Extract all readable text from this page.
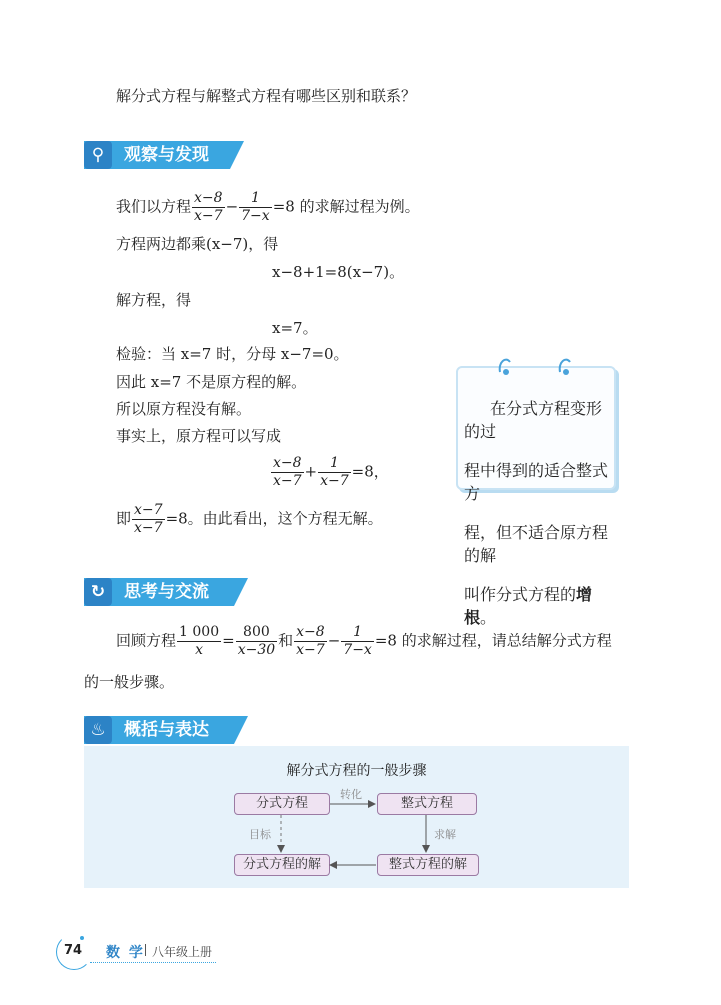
解分式方程与解整式方程有哪些区别和联系？
⚲	观察与发现
我们以方程 $\frac{x-8}{x-7} - \frac{1}{7-x} =8$ 的求解过程为例。
方程两边都乘(x−7)，得
x−8+1=8(x−7)。
解方程，得
x=7。
检验：当 x=7 时，分母 x−7=0。
因此 x=7 不是原方程的解。
所以原方程没有解。
事实上，原方程可以写成
$\frac{x-8}{x-7} + \frac{1}{x-7} =8$，
即 $\frac{x-7}{x-7} =8$。由此看出，这个方程无解。

在分式方程变形的过

程中得到的适合整式方

程，但不适合原方程的解

叫作分式方程的增根。

↻	思考与交流
回顾方程 $\frac{1 000}{x} = \frac{800}{x-30}$ 和 $\frac{x-8}{x-7} - \frac{1}{7-x} =8$ 的求解过程，请总结解分式方程
的一般步骤。
♨	概括与表达
解分式方程的一般步骤
分式方程	整式方程
整式方程的解
分式方程的解
转化
求解
目标
74 数 学 八年级上册
